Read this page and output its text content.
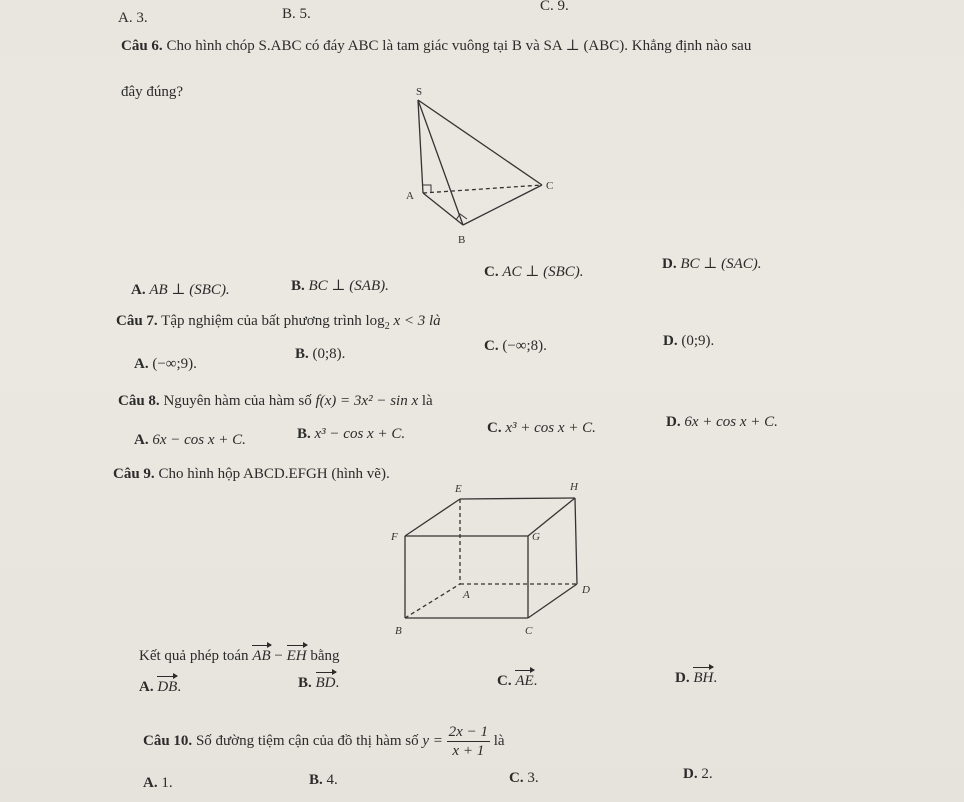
A. 3.	B. 5.	C. 9.
Câu 6. Cho hình chóp S.ABC có đáy ABC là tam giác vuông tại B và SA ⊥ (ABC). Khẳng định nào sau
đây đúng?	S
A
B
C
A. AB ⊥ (SBC).	B. BC ⊥ (SAB).
C. AC ⊥ (SBC).	D. BC ⊥ (SAC).
Câu 7. Tập nghiệm của bất phương trình $\log_2 x < 3$ là
A. (−∞;9).
B. (0;8).	C. (−∞;8).	D. (0;9).
Câu 8. Nguyên hàm của hàm số f(x) = 3x² − sin x là
A. 6x − cos x + C.	B. x³ − cos x + C.	C. x³ + cos x + C.	D. 6x + cos x + C.
Câu 9. Cho hình hộp ABCD.EFGH (hình vẽ).
E	H
F	G
A	D
B	C
Kết quả phép toán AB − EH bằng
A. DB.	B. BD.	C. AE.	D. BH.
Câu 10. Số đường tiệm cận của đồ thị hàm số $y = \frac{2x - 1}{x + 1}$ là
A. 1.	B. 4.	C. 3.	D. 2.
